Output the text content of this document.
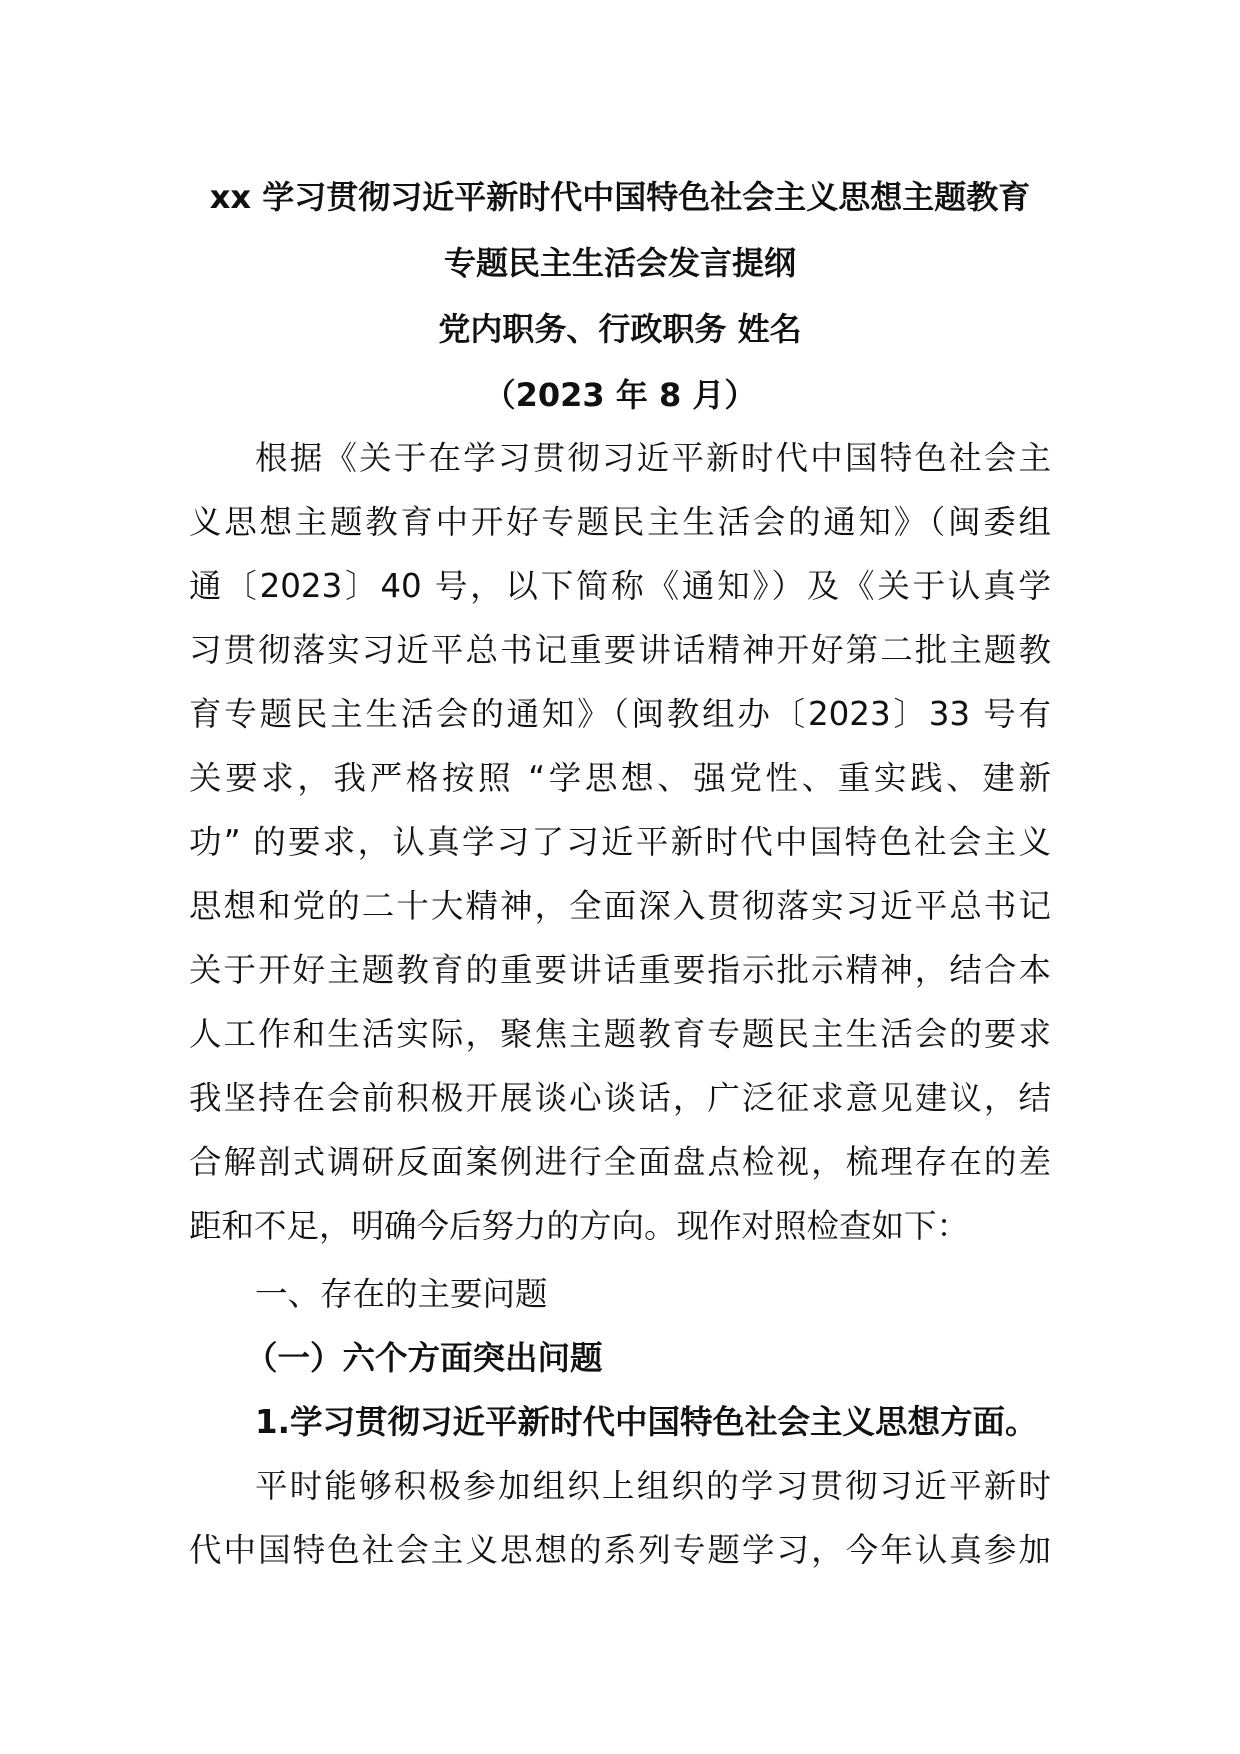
xx 学习贯彻习近平新时代中国特色社会主义思想主题教育
专题民主生活会发言提纲
党内职务、行政职务 姓名
（2023 年 8 月）
根据《关于在学习贯彻习近平新时代中国特色社会主
义思想主题教育中开好专题民主生活会的通知》（闽委组
通〔2023〕40 号，以下简称《通知》）及《关于认真学
习贯彻落实习近平总书记重要讲话精神开好第二批主题教
育专题民主生活会的通知》（闽教组办〔2023〕33 号有
关要求，我严格按照 “学思想、强党性、重实践、建新
功” 的要求，认真学习了习近平新时代中国特色社会主义
思想和党的二十大精神，全面深入贯彻落实习近平总书记
关于开好主题教育的重要讲话重要指示批示精神，结合本
人工作和生活实际，聚焦主题教育专题民主生活会的要求
我坚持在会前积极开展谈心谈话，广泛征求意见建议，结
合解剖式调研反面案例进行全面盘点检视，梳理存在的差
距和不足，明确今后努力的方向。现作对照检查如下：
一、存在的主要问题
（一）六个方面突出问题
1.学习贯彻习近平新时代中国特色社会主义思想方面。
平时能够积极参加组织上组织的学习贯彻习近平新时
代中国特色社会主义思想的系列专题学习，今年认真参加
